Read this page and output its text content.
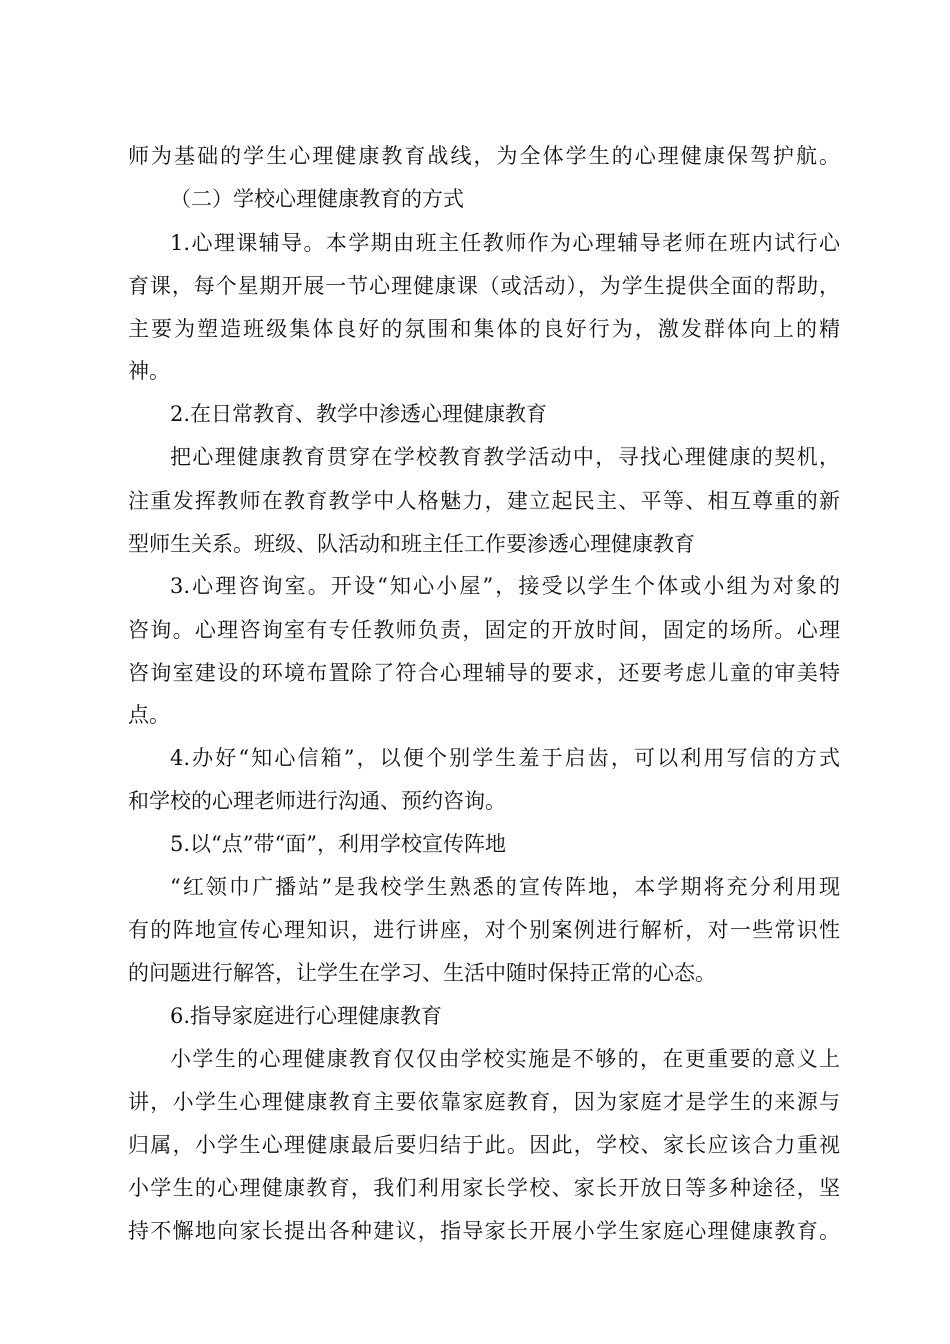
师为基础的学生心理健康教育战线，为全体学生的心理健康保驾护航。
（二）学校心理健康教育的方式
1.心理课辅导。本学期由班主任教师作为心理辅导老师在班内试行心
育课，每个星期开展一节心理健康课（或活动），为学生提供全面的帮助，
主要为塑造班级集体良好的氛围和集体的良好行为，激发群体向上的精
神。
2.在日常教育、教学中渗透心理健康教育
把心理健康教育贯穿在学校教育教学活动中，寻找心理健康的契机，
注重发挥教师在教育教学中人格魅力，建立起民主、平等、相互尊重的新
型师生关系。班级、队活动和班主任工作要渗透心理健康教育
3.心理咨询室。开设“知心小屋”，接受以学生个体或小组为对象的
咨询。心理咨询室有专任教师负责，固定的开放时间，固定的场所。心理
咨询室建设的环境布置除了符合心理辅导的要求，还要考虑儿童的审美特
点。
4.办好“知心信箱”，以便个别学生羞于启齿，可以利用写信的方式
和学校的心理老师进行沟通、预约咨询。
5.以“点”带“面”，利用学校宣传阵地
“红领巾广播站”是我校学生熟悉的宣传阵地，本学期将充分利用现
有的阵地宣传心理知识，进行讲座，对个别案例进行解析，对一些常识性
的问题进行解答，让学生在学习、生活中随时保持正常的心态。
6.指导家庭进行心理健康教育
小学生的心理健康教育仅仅由学校实施是不够的，在更重要的意义上
讲，小学生心理健康教育主要依靠家庭教育，因为家庭才是学生的来源与
归属，小学生心理健康最后要归结于此。因此，学校、家长应该合力重视
小学生的心理健康教育，我们利用家长学校、家长开放日等多种途径，坚
持不懈地向家长提出各种建议，指导家长开展小学生家庭心理健康教育。
